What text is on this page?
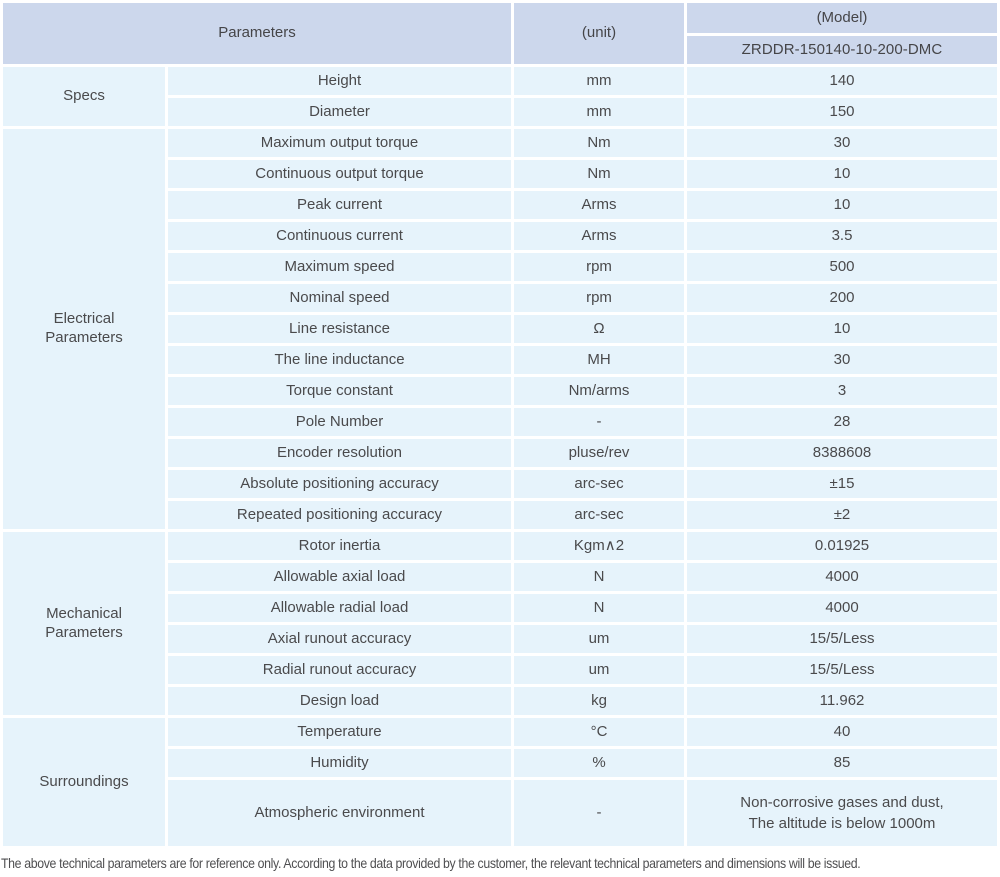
Parameters		(unit)	(Model)
			ZRDDR-150140-10-200-DMC
Specs	Height	mm	140
	Diameter	mm	150
Electrical
Parameters	Maximum output torque	Nm	30
	Continuous output torque	Nm	10
	Peak current	Arms	10
	Continuous current	Arms	3.5
	Maximum speed	rpm	500
	Nominal speed	rpm	200
	Line resistance	Ω	10
	The line inductance	MH	30
	Torque constant	Nm/arms	3
	Pole Number	-	28
	Encoder resolution	pluse/rev	8388608
	Absolute positioning accuracy	arc-sec	±15
	Repeated positioning accuracy	arc-sec	±2
Mechanical
Parameters	Rotor inertia	Kgm∧2	0.01925
	Allowable axial load	N	4000
	Allowable radial load	N	4000
	Axial runout accuracy	um	15/5/Less
	Radial runout accuracy	um	15/5/Less
	Design load	kg	11.962
Surroundings	Temperature	°C	40
	Humidity	%	85
	Atmospheric environment	-	Non-corrosive gases and dust,
The altitude is below 1000m
The above technical parameters are for reference only. According to the data provided by the customer, the relevant technical parameters and dimensions will be issued.
